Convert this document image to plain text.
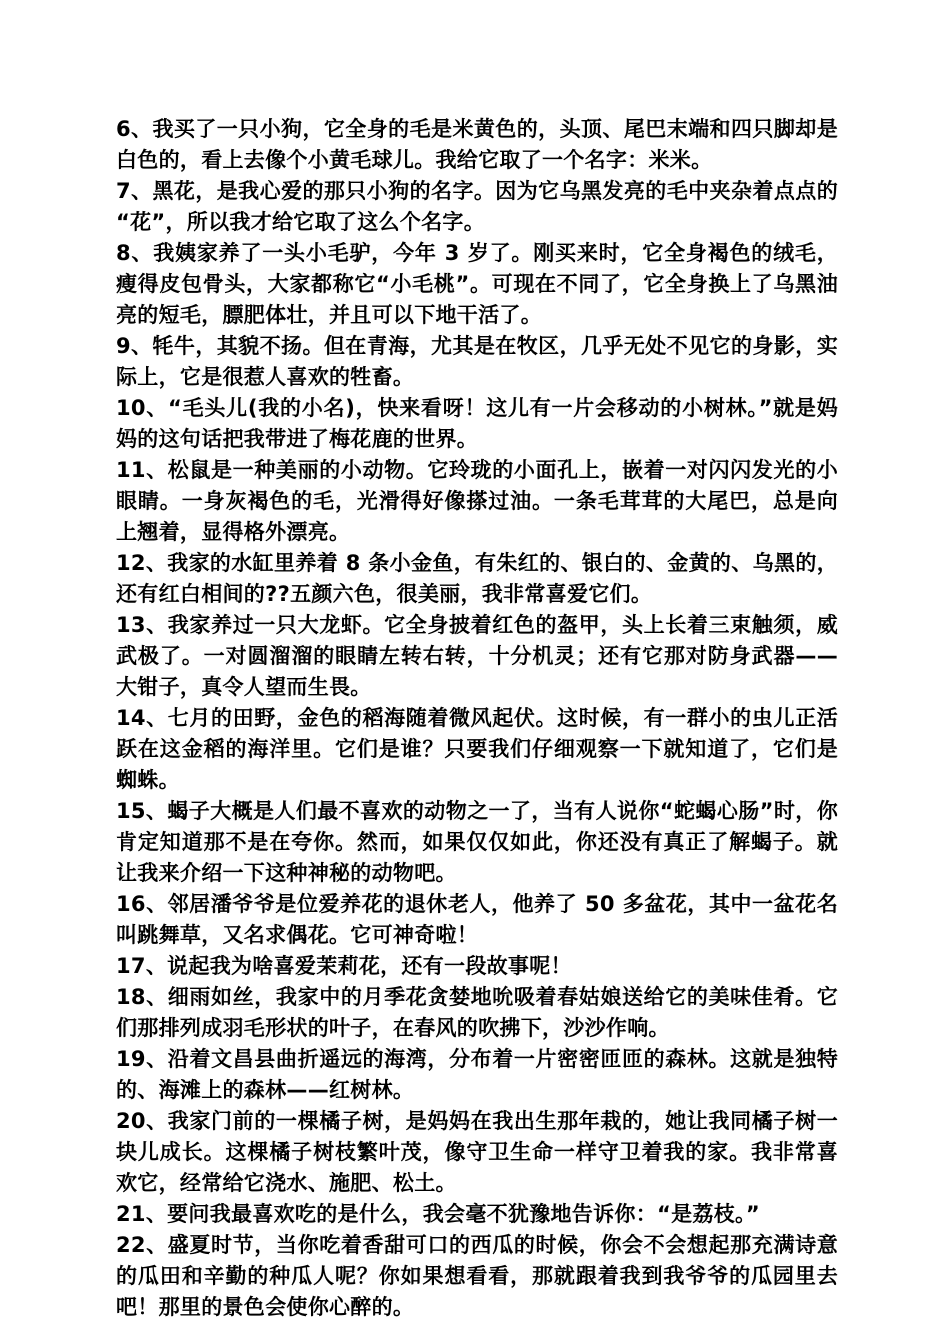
6、我买了一只小狗，它全身的毛是米黄色的，头顶、尾巴末端和四只脚却是白色的，看上去像个小黄毛球儿。我给它取了一个名字：米米。

7、黑花，是我心爱的那只小狗的名字。因为它乌黑发亮的毛中夹杂着点点的“花”，所以我才给它取了这么个名字。

8、我姨家养了一头小毛驴，今年 3 岁了。刚买来时，它全身褐色的绒毛，瘦得皮包骨头，大家都称它“小毛桃”。可现在不同了，它全身换上了乌黑油亮的短毛，膘肥体壮，并且可以下地干活了。

9、牦牛，其貌不扬。但在青海，尤其是在牧区，几乎无处不见它的身影，实际上，它是很惹人喜欢的牲畜。

10、“毛头儿(我的小名)，快来看呀！这儿有一片会移动的小树林。”就是妈妈的这句话把我带进了梅花鹿的世界。

11、松鼠是一种美丽的小动物。它玲珑的小面孔上，嵌着一对闪闪发光的小眼睛。一身灰褐色的毛，光滑得好像搽过油。一条毛茸茸的大尾巴，总是向上翘着，显得格外漂亮。

12、我家的水缸里养着 8 条小金鱼，有朱红的、银白的、金黄的、乌黑的，还有红白相间的??五颜六色，很美丽，我非常喜爱它们。

13、我家养过一只大龙虾。它全身披着红色的盔甲，头上长着三束触须，威武极了。一对圆溜溜的眼睛左转右转，十分机灵；还有它那对防身武器——大钳子，真令人望而生畏。

14、七月的田野，金色的稻海随着微风起伏。这时候，有一群小的虫儿正活跃在这金稻的海洋里。它们是谁？只要我们仔细观察一下就知道了，它们是蜘蛛。

15、蝎子大概是人们最不喜欢的动物之一了，当有人说你“蛇蝎心肠”时，你肯定知道那不是在夸你。然而，如果仅仅如此，你还没有真正了解蝎子。就让我来介绍一下这种神秘的动物吧。

16、邻居潘爷爷是位爱养花的退休老人，他养了 50 多盆花，其中一盆花名叫跳舞草，又名求偶花。它可神奇啦！

17、说起我为啥喜爱茉莉花，还有一段故事呢！

18、细雨如丝，我家中的月季花贪婪地吮吸着春姑娘送给它的美味佳肴。它们那排列成羽毛形状的叶子，在春风的吹拂下，沙沙作响。

19、沿着文昌县曲折遥远的海湾，分布着一片密密匝匝的森林。这就是独特的、海滩上的森林——红树林。

20、我家门前的一棵橘子树，是妈妈在我出生那年栽的，她让我同橘子树一块儿成长。这棵橘子树枝繁叶茂，像守卫生命一样守卫着我的家。我非常喜欢它，经常给它浇水、施肥、松土。

21、要问我最喜欢吃的是什么，我会毫不犹豫地告诉你：“是荔枝。”

22、盛夏时节，当你吃着香甜可口的西瓜的时候，你会不会想起那充满诗意的瓜田和辛勤的种瓜人呢？你如果想看看，那就跟着我到我爷爷的瓜园里去吧！那里的景色会使你心醉的。
